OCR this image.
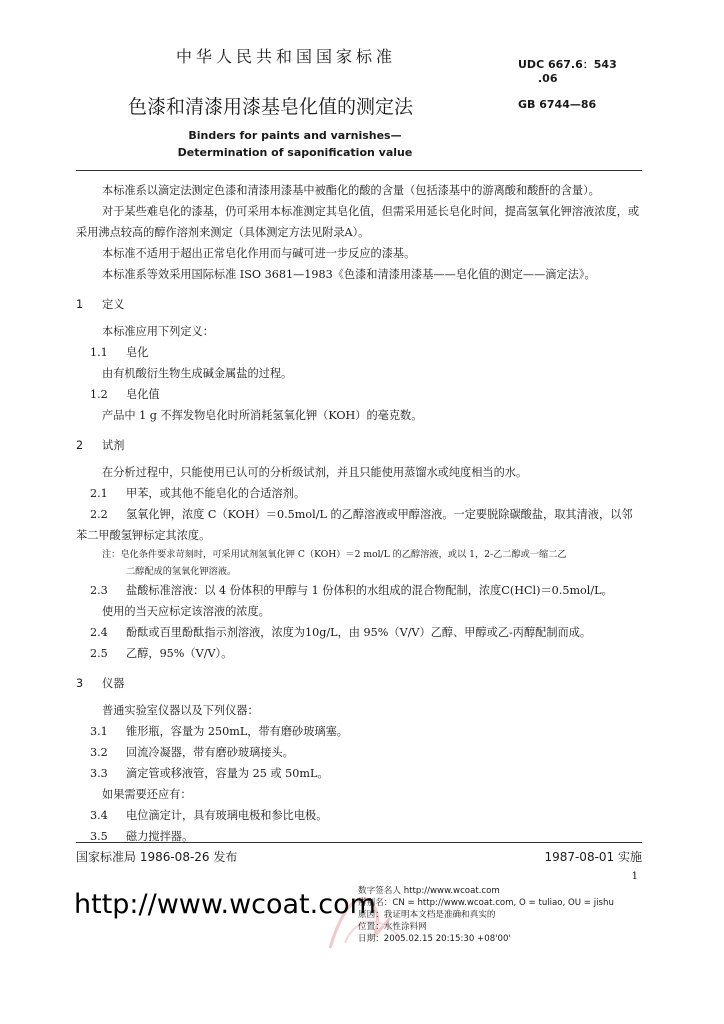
中华人民共和国国家标准	UDC 667.6：543
.06
色漆和清漆用漆基皂化值的测定法	GB 6744—86
Binders for paints and varnishes—
Determination of saponification value

本标准系以滴定法测定色漆和清漆用漆基中被酯化的酸的含量（包括漆基中的游离酸和酸酐的含量）。

对于某些难皂化的漆基，仍可采用本标准测定其皂化值，但需采用延长皂化时间，提高氢氧化钾溶液浓度，或采用沸点较高的醇作溶剂来测定（具体测定方法见附录A）。

本标准不适用于超出正常皂化作用而与碱可进一步反应的漆基。

本标准系等效采用国际标准 ISO 3681—1983《色漆和清漆用漆基——皂化值的测定——滴定法》。

1 定义

本标准应用下列定义：

1.1 皂化

由有机酸衍生物生成碱金属盐的过程。

1.2 皂化值

产品中 1 g 不挥发物皂化时所消耗氢氧化钾（KOH）的毫克数。

2 试剂

在分析过程中，只能使用已认可的分析级试剂，并且只能使用蒸馏水或纯度相当的水。

2.1 甲苯，或其他不能皂化的合适溶剂。

2.2 氢氧化钾，浓度 C（KOH）＝0.5mol/L 的乙醇溶液或甲醇溶液。一定要脱除碳酸盐，取其清液，以邻苯二甲酸氢钾标定其浓度。

注：皂化条件要求苛刻时，可采用试剂氢氧化钾 C（KOH）＝2 mol/L 的乙醇溶液，或以 1，2-乙二醇或一缩二乙

二醇配成的氢氧化钾溶液。

2.3 盐酸标准溶液：以 4 份体积的甲醇与 1 份体积的水组成的混合物配制，浓度C(HCl)＝0.5mol/L。

使用的当天应标定该溶液的浓度。

2.4 酚酞或百里酚酞指示剂溶液，浓度为10g/L，由 95%（V/V）乙醇、甲醇或乙-丙醇配制而成。

2.5 乙醇，95%（V/V）。

3 仪器

普通实验室仪器以及下列仪器：

3.1 锥形瓶，容量为 250mL，带有磨砂玻璃塞。

3.2 回流冷凝器，带有磨砂玻璃接头。

3.3 滴定管或移液管，容量为 25 或 50mL。

如果需要还应有：

3.4 电位滴定计，具有玻璃电极和参比电极。

3.5 磁力搅拌器。

国家标准局 1986-08-26 发布	1987-08-01 实施
1
http://www.wcoat.com
数字签名人 http://www.wcoat.com
辨别名：CN = http://www.wcoat.com, O = tuliao, OU = jishu
原因：我证明本文档是准确和真实的
位置：水性涂料网
日期：2005.02.15 20:15:30 +08'00'
